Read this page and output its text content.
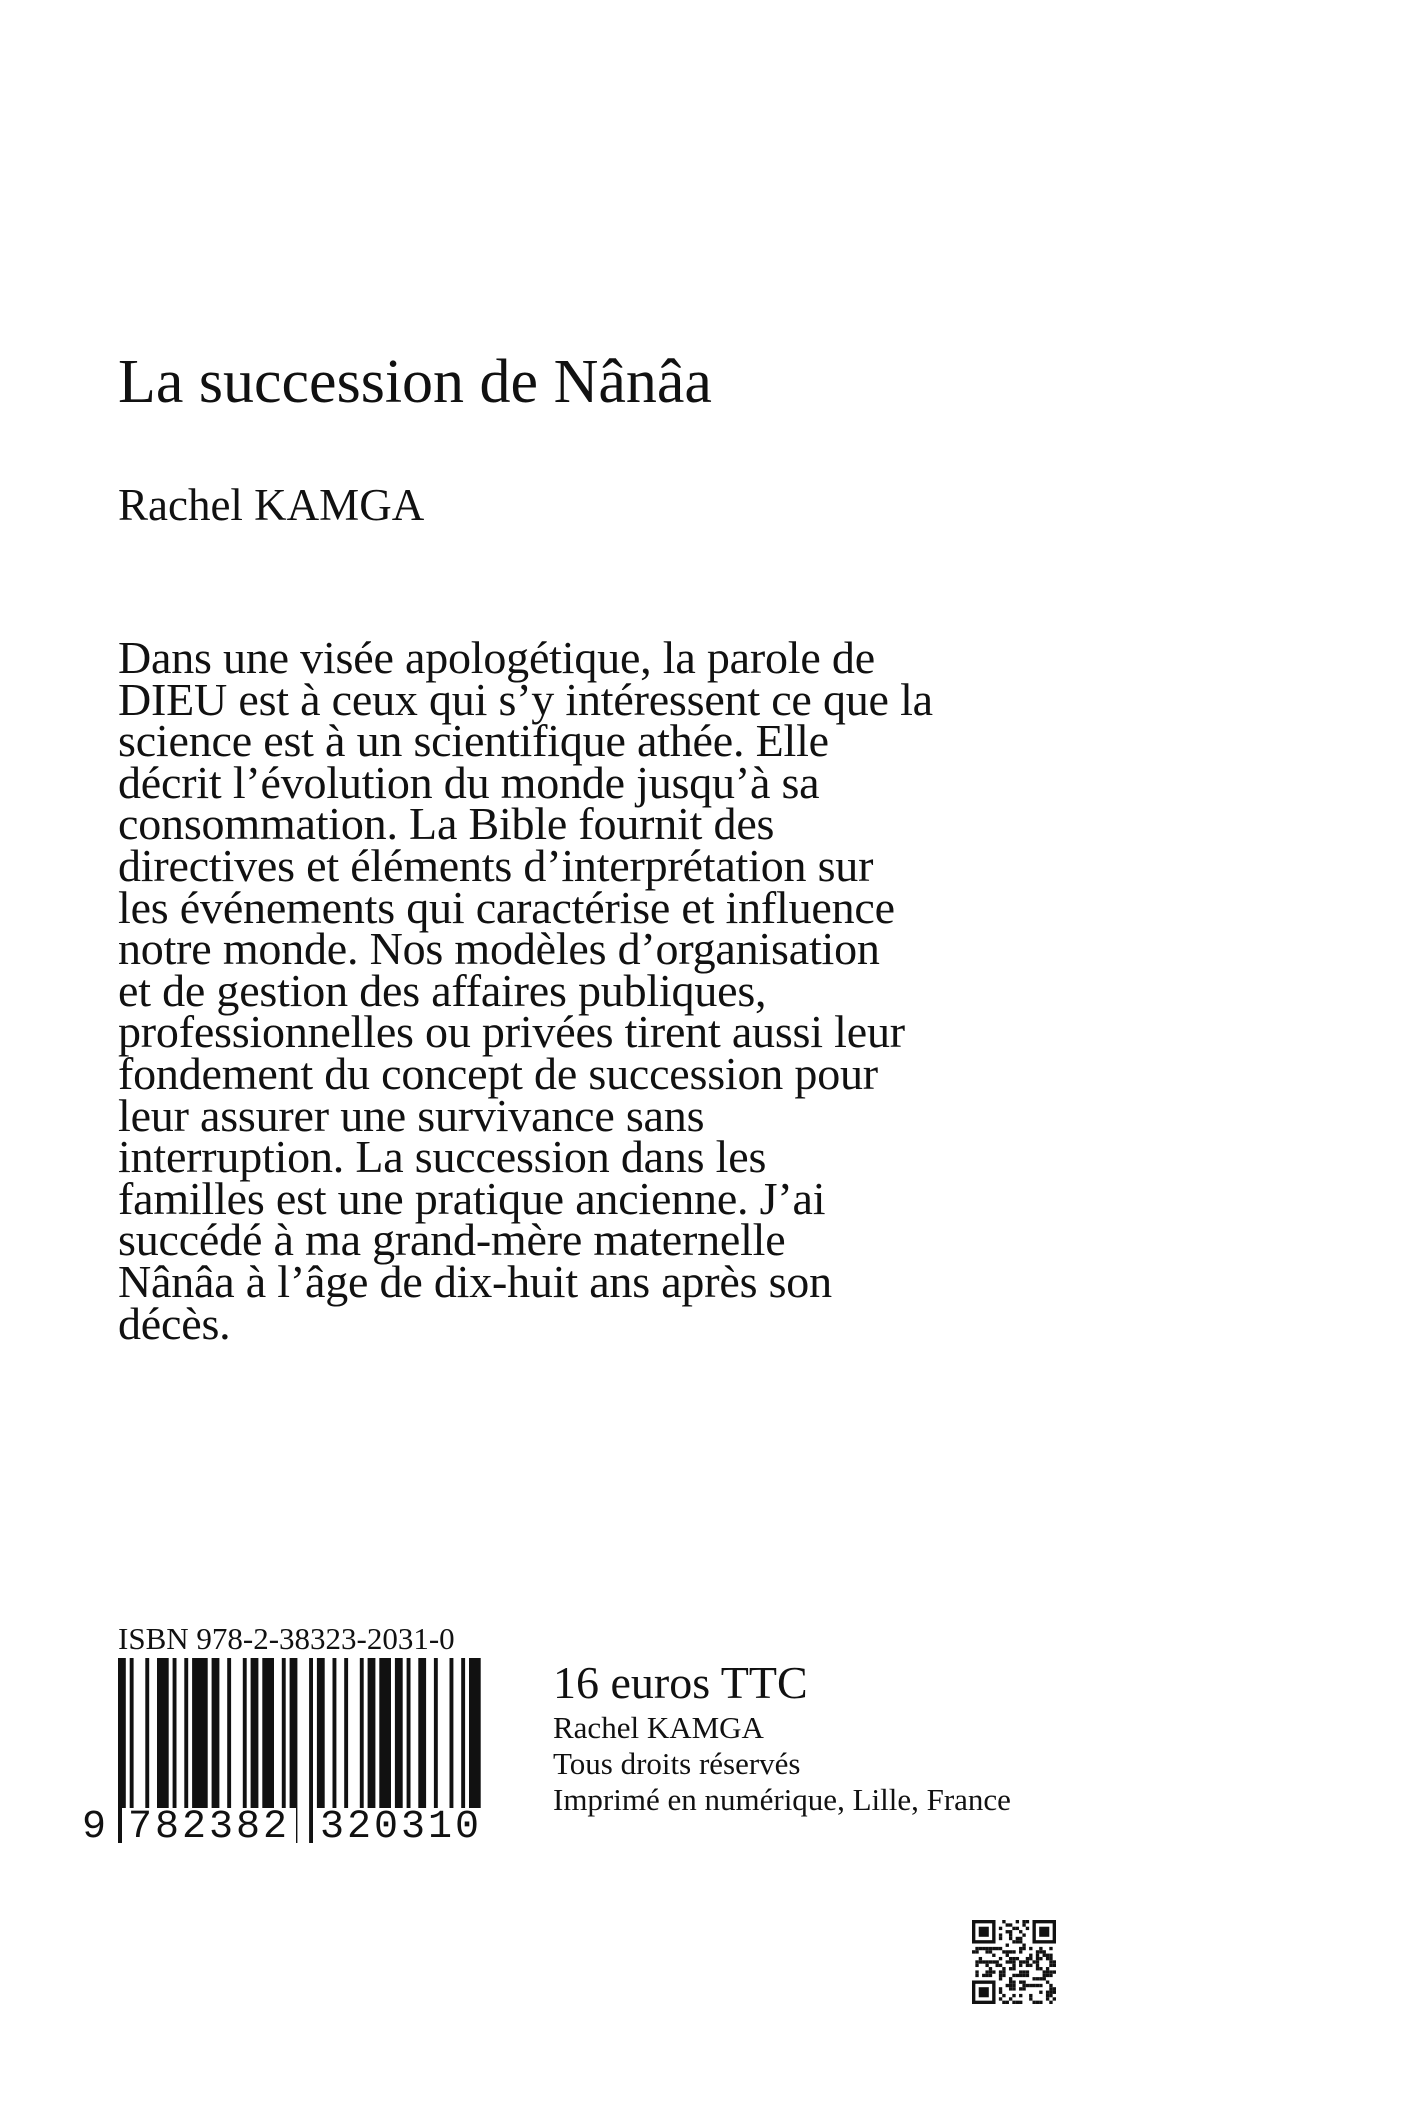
La succession de Nânâa
Rachel KAMGA
Dans une visée apologétique, la parole de
DIEU est à ceux qui s’y intéressent ce que la
science est à un scientifique athée. Elle
décrit l’évolution du monde jusqu’à sa
consommation. La Bible fournit des
directives et éléments d’interprétation sur
les événements qui caractérise et influence
notre monde. Nos modèles d’organisation
et de gestion des affaires publiques,
professionnelles ou privées tirent aussi leur
fondement du concept de succession pour
leur assurer une survivance sans
interruption. La succession dans les
familles est une pratique ancienne. J’ai
succédé à ma grand-mère maternelle
Nânâa à l’âge de dix-huit ans après son
décès.
ISBN 978-2-38323-2031-0
9 782382 320310
16 euros TTC
Rachel KAMGA
Tous droits réservés
Imprimé en numérique, Lille, France
